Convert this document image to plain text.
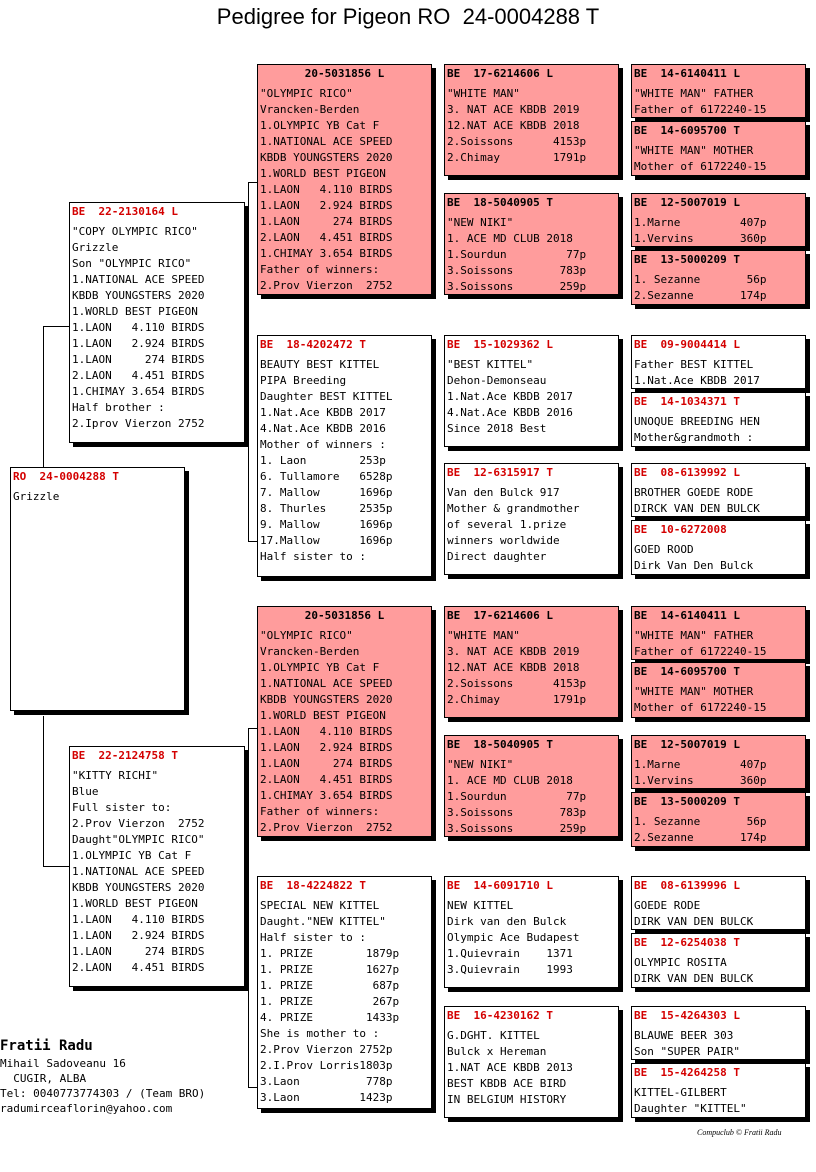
Pedigree for Pigeon RO  24-0004288 T
RO 24-0004288 T
Grizzle
BE 22-2130164 L
"COPY OLYMPIC RICO"
Grizzle
Son "OLYMPIC RICO"
1.NATIONAL ACE SPEED
KBDB YOUNGSTERS 2020
1.WORLD BEST PIGEON
1.LAON   4.110 BIRDS
1.LAON   2.924 BIRDS
1.LAON     274 BIRDS
2.LAON   4.451 BIRDS
1.CHIMAY 3.654 BIRDS
Half brother :
2.Iprov Vierzon 2752
BE 22-2124758 T
"KITTY RICHI"
Blue
Full sister to:
2.Prov Vierzon  2752
Daught"OLYMPIC RICO"
1.OLYMPIC YB Cat F
1.NATIONAL ACE SPEED
KBDB YOUNGSTERS 2020
1.WORLD BEST PIGEON
1.LAON   4.110 BIRDS
1.LAON   2.924 BIRDS
1.LAON     274 BIRDS
2.LAON   4.451 BIRDS
20-5031856 L
"OLYMPIC RICO"
Vrancken-Berden
1.OLYMPIC YB Cat F
1.NATIONAL ACE SPEED
KBDB YOUNGSTERS 2020
1.WORLD BEST PIGEON
1.LAON   4.110 BIRDS
1.LAON   2.924 BIRDS
1.LAON     274 BIRDS
2.LAON   4.451 BIRDS
1.CHIMAY 3.654 BIRDS
Father of winners:
2.Prov Vierzon  2752
BE 18-4202472 T
BEAUTY BEST KITTEL
PIPA Breeding
Daughter BEST KITTEL
1.Nat.Ace KBDB 2017
4.Nat.Ace KBDB 2016
Mother of winners :
1. Laon        253p
6. Tullamore   6528p
7. Mallow      1696p
8. Thurles     2535p
9. Mallow      1696p
17.Mallow      1696p
Half sister to :
20-5031856 L
"OLYMPIC RICO"
Vrancken-Berden
1.OLYMPIC YB Cat F
1.NATIONAL ACE SPEED
KBDB YOUNGSTERS 2020
1.WORLD BEST PIGEON
1.LAON   4.110 BIRDS
1.LAON   2.924 BIRDS
1.LAON     274 BIRDS
2.LAON   4.451 BIRDS
1.CHIMAY 3.654 BIRDS
Father of winners:
2.Prov Vierzon  2752
BE 18-4224822 T
SPECIAL NEW KITTEL
Daught."NEW KITTEL"
Half sister to :
1. PRIZE        1879p
1. PRIZE        1627p
1. PRIZE         687p
1. PRIZE         267p
4. PRIZE        1433p
She is mother to :
2.Prov Vierzon 2752p
2.I.Prov Lorris1803p
3.Laon          778p
3.Laon         1423p
BE 17-6214606 L
"WHITE MAN"
3. NAT ACE KBDB 2019
12.NAT ACE KBDB 2018
2.Soissons      4153p
2.Chimay        1791p
BE 18-5040905 T
"NEW NIKI"
1. ACE MD CLUB 2018
1.Sourdun         77p
3.Soissons       783p
3.Soissons       259p
BE 15-1029362 L
"BEST KITTEL"
Dehon-Demonseau
1.Nat.Ace KBDB 2017
4.Nat.Ace KBDB 2016
Since 2018 Best
BE 12-6315917 T
Van den Bulck 917
Mother & grandmother
of several 1.prize
winners worldwide
Direct daughter
BE 17-6214606 L
"WHITE MAN"
3. NAT ACE KBDB 2019
12.NAT ACE KBDB 2018
2.Soissons      4153p
2.Chimay        1791p
BE 18-5040905 T
"NEW NIKI"
1. ACE MD CLUB 2018
1.Sourdun         77p
3.Soissons       783p
3.Soissons       259p
BE 14-6091710 L
NEW KITTEL
Dirk van den Bulck
Olympic Ace Budapest
1.Quievrain    1371
3.Quievrain    1993
BE 16-4230162 T
G.DGHT. KITTEL
Bulck x Hereman
1.NAT ACE KBDB 2013
BEST KBDB ACE BIRD
IN BELGIUM HISTORY
BE 14-6140411 L
"WHITE MAN" FATHER
Father of 6172240-15
BE 14-6095700 T
"WHITE MAN" MOTHER
Mother of 6172240-15
BE 12-5007019 L
1.Marne         407p
1.Vervins       360p
BE 13-5000209 T
1. Sezanne       56p
2.Sezanne       174p
BE 09-9004414 L
Father BEST KITTEL
1.Nat.Ace KBDB 2017
BE 14-1034371 T
UNOQUE BREEDING HEN
Mother&grandmoth :
BE 08-6139992 L
BROTHER GOEDE RODE
DIRCK VAN DEN BULCK
BE 10-6272008
GOED ROOD
Dirk Van Den Bulck
BE 14-6140411 L
"WHITE MAN" FATHER
Father of 6172240-15
BE 14-6095700 T
"WHITE MAN" MOTHER
Mother of 6172240-15
BE 12-5007019 L
1.Marne         407p
1.Vervins       360p
BE 13-5000209 T
1. Sezanne       56p
2.Sezanne       174p
BE 08-6139996 L
GOEDE RODE
DIRK VAN DEN BULCK
BE 12-6254038 T
OLYMPIC ROSITA
DIRK VAN DEN BULCK
BE 15-4264303 L
BLAUWE BEER 303
Son "SUPER PAIR"
BE 15-4264258 T
KITTEL-GILBERT
Daughter "KITTEL"
Fratii Radu
Mihail Sadoveanu 16
CUGIR, ALBA
Tel: 0040773774303 / (Team BRO)
radumirceaflorin@yahoo.com
Compuclub © Fratii Radu
